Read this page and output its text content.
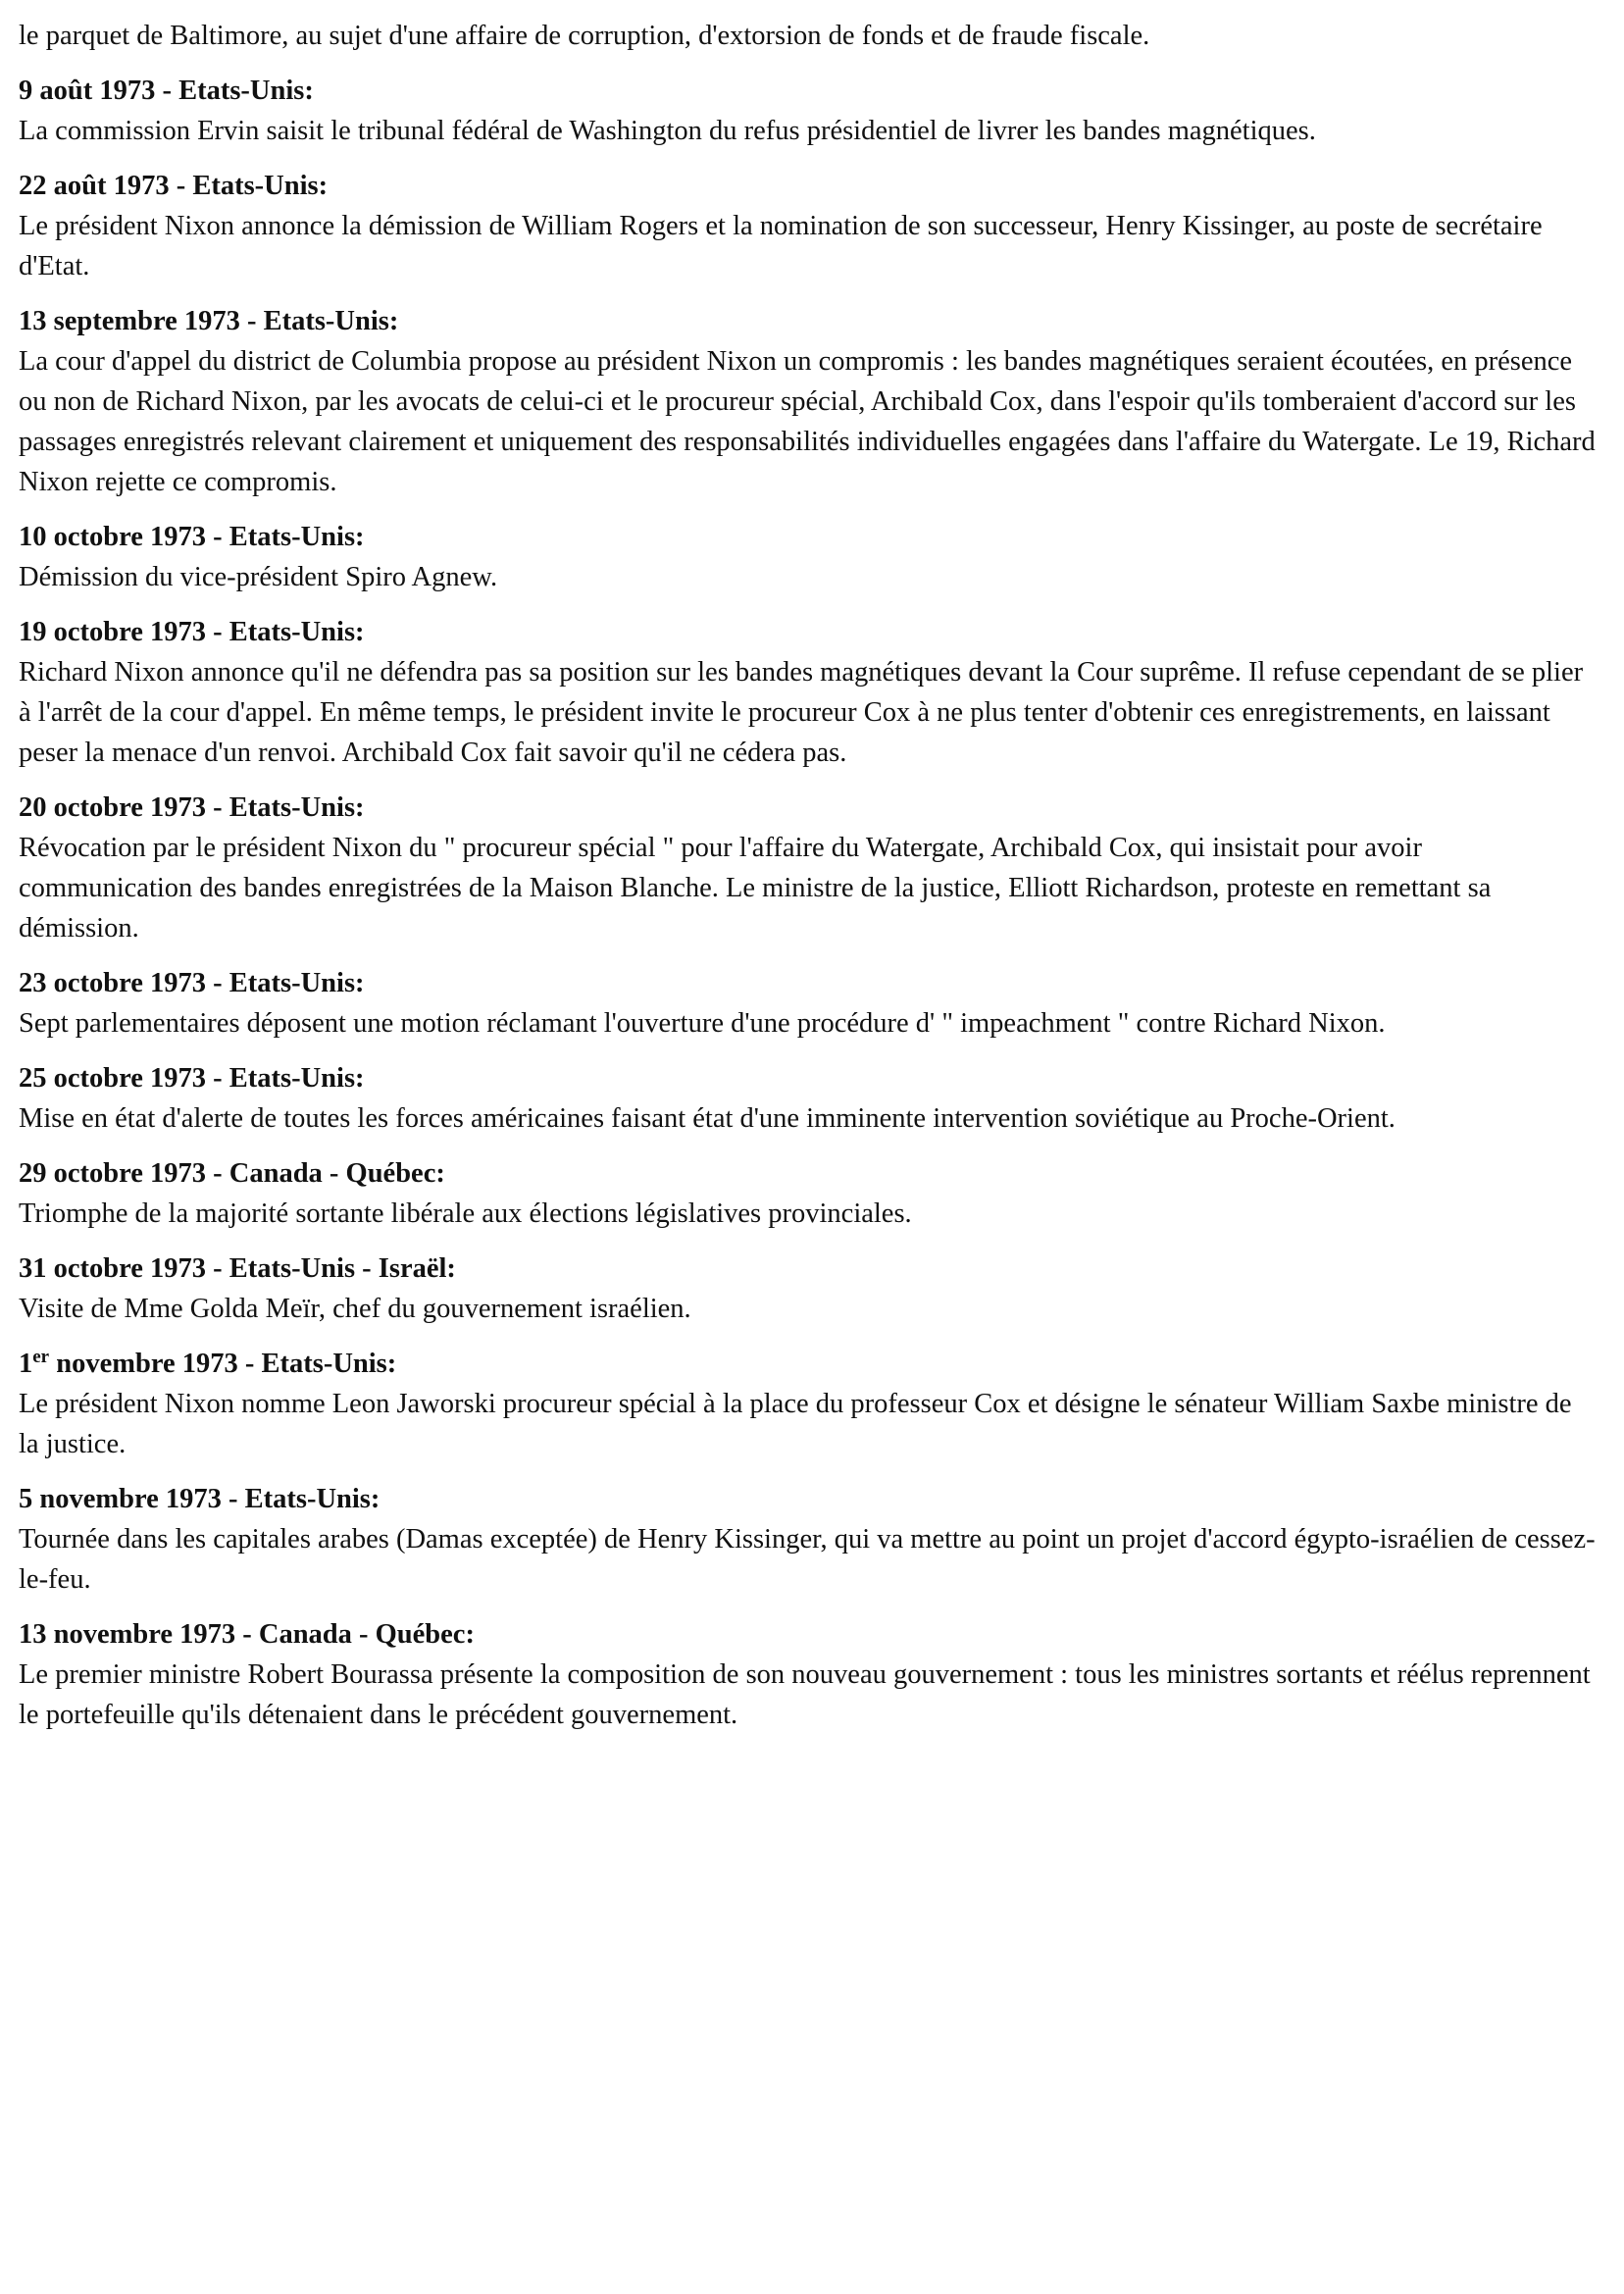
le parquet de Baltimore, au sujet d'une affaire de corruption, d'extorsion de fonds et de fraude fiscale.

9 août 1973 - Etats-Unis:

La commission Ervin saisit le tribunal fédéral de Washington du refus présidentiel de livrer les bandes magnétiques.

22 août 1973 - Etats-Unis:

Le président Nixon annonce la démission de William Rogers et la nomination de son successeur, Henry Kissinger, au poste de secrétaire d'Etat.

13 septembre 1973 - Etats-Unis:

La cour d'appel du district de Columbia propose au président Nixon un compromis : les bandes magnétiques seraient écoutées, en présence ou non de Richard Nixon, par les avocats de celui-ci et le procureur spécial, Archibald Cox, dans l'espoir qu'ils tomberaient d'accord sur les passages enregistrés relevant clairement et uniquement des responsabilités individuelles engagées dans l'affaire du Watergate. Le 19, Richard Nixon rejette ce compromis.

10 octobre 1973 - Etats-Unis:

Démission du vice-président Spiro Agnew.

19 octobre 1973 - Etats-Unis:

Richard Nixon annonce qu'il ne défendra pas sa position sur les bandes magnétiques devant la Cour suprême. Il refuse cependant de se plier à l'arrêt de la cour d'appel. En même temps, le président invite le procureur Cox à ne plus tenter d'obtenir ces enregistrements, en laissant peser la menace d'un renvoi. Archibald Cox fait savoir qu'il ne cédera pas.

20 octobre 1973 - Etats-Unis:

Révocation par le président Nixon du " procureur spécial " pour l'affaire du Watergate, Archibald Cox, qui insistait pour avoir communication des bandes enregistrées de la Maison Blanche. Le ministre de la justice, Elliott Richardson, proteste en remettant sa démission.

23 octobre 1973 - Etats-Unis:

Sept parlementaires déposent une motion réclamant l'ouverture d'une procédure d' " impeachment " contre Richard Nixon.

25 octobre 1973 - Etats-Unis:

Mise en état d'alerte de toutes les forces américaines faisant état d'une imminente intervention soviétique au Proche-Orient.

29 octobre 1973 - Canada - Québec:

Triomphe de la majorité sortante libérale aux élections législatives provinciales.

31 octobre 1973 - Etats-Unis - Israël:

Visite de Mme Golda Meïr, chef du gouvernement israélien.

1er novembre 1973 - Etats-Unis:

Le président Nixon nomme Leon Jaworski procureur spécial à la place du professeur Cox et désigne le sénateur William Saxbe ministre de la justice.

5 novembre 1973 - Etats-Unis:

Tournée dans les capitales arabes (Damas exceptée) de Henry Kissinger, qui va mettre au point un projet d'accord égypto-israélien de cessez-le-feu.

13 novembre 1973 - Canada - Québec:

Le premier ministre Robert Bourassa présente la composition de son nouveau gouvernement : tous les ministres sortants et réélus reprennent le portefeuille qu'ils détenaient dans le précédent gouvernement.
